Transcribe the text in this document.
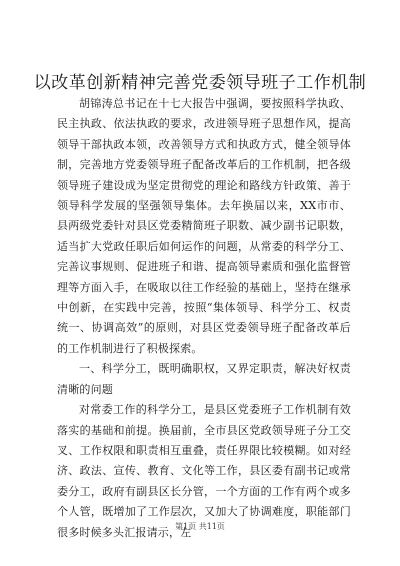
以改革创新精神完善党委领导班子工作机制

胡锦涛总书记在十七大报告中强调，要按照科学执政、民主执政、依法执政的要求，改进领导班子思想作风，提高领导干部执政本领，改善领导方式和执政方式，健全领导体制，完善地方党委领导班子配备改革后的工作机制，把各级领导班子建设成为坚定贯彻党的理论和路线方针政策、善于领导科学发展的坚强领导集体。去年换届以来，XX市市、县两级党委针对县区党委精简班子职数、减少副书记职数，适当扩大党政任职后如何运作的问题，从常委的科学分工、完善议事规则、促进班子和谐、提高领导素质和强化监督管理等方面入手，在吸取以往工作经验的基础上，坚持在继承中创新，在实践中完善，按照“集体领导、科学分工、权责统一、协调高效”的原则，对县区党委领导班子配备改革后的工作机制进行了积极探索。

一、科学分工，既明确职权，又界定职责，解决好权责清晰的问题

对常委工作的科学分工，是县区党委班子工作机制有效落实的基础和前提。换届前，全市县区党政领导班子分工交叉、工作权限和职责相互重叠，责任界限比较模糊。如对经济、政法、宣传、教育、文化等工作，县区委有副书记或常委分工，政府有副县区长分管，一个方面的工作有两个或多个人管，既增加了工作层次，又加大了协调难度，职能部门很多时候多头汇报请示，左

第1页 共11页
